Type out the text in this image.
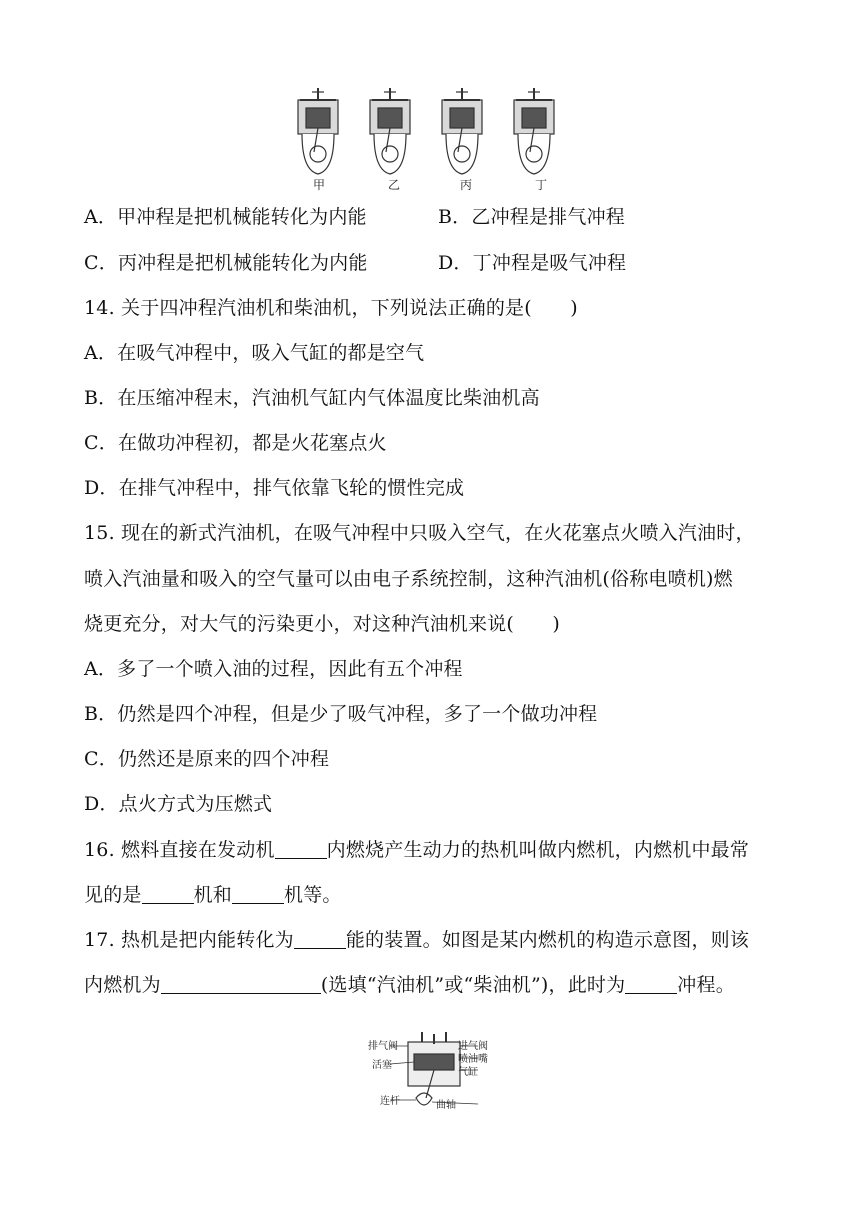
甲	乙	丙	丁
A．甲冲程是把机械能转化为内能	B．乙冲程是排气冲程
C．丙冲程是把机械能转化为内能	D．丁冲程是吸气冲程
14. 关于四冲程汽油机和柴油机，下列说法正确的是(　　)
A．在吸气冲程中，吸入气缸的都是空气
B．在压缩冲程末，汽油机气缸内气体温度比柴油机高
C．在做功冲程初，都是火花塞点火
D．在排气冲程中，排气依靠飞轮的惯性完成
15. 现在的新式汽油机，在吸气冲程中只吸入空气，在火花塞点火喷入汽油时，
喷入汽油量和吸入的空气量可以由电子系统控制，这种汽油机(俗称电喷机)燃
烧更充分，对大气的污染更小，对这种汽油机来说(　　)
A．多了一个喷入油的过程，因此有五个冲程
B．仍然是四个冲程，但是少了吸气冲程，多了一个做功冲程
C．仍然还是原来的四个冲程
D．点火方式为压燃式
16. 燃料直接在发动机	内燃烧产生动力的热机叫做内燃机，内燃机中最常
见的是	机和	机等。
17. 热机是把内能转化为	能的装置。如图是某内燃机的构造示意图，则该
内燃机为	(选填“汽油机”或“柴油机”)，此时为	冲程。
排气阀
活塞
连杆
进气阀
喷油嘴
气缸
曲轴
